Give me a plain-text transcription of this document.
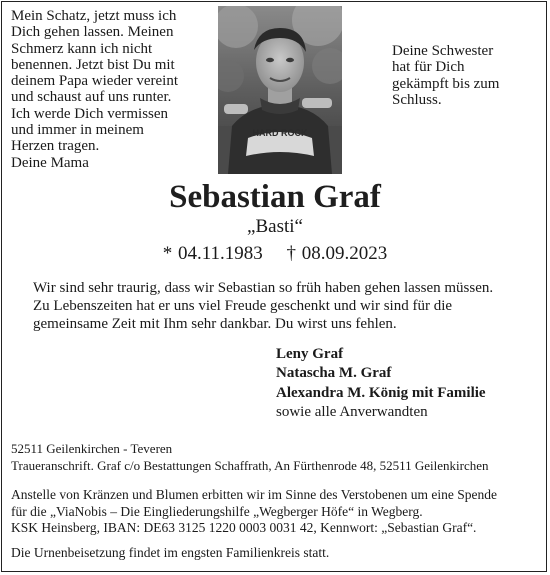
Mein Schatz, jetzt muss ich
Dich gehen lassen. Meinen
Schmerz kann ich nicht
benennen. Jetzt bist Du mit
deinem Papa wieder vereint
und schaust auf uns runter.
Ich werde Dich vermissen
und immer in meinem
Herzen tragen.
Deine Mama
HARD ROCK
Deine Schwester
hat für Dich
gekämpft bis zum
Schluss.
Sebastian Graf
„Basti“
* 04.11.1983 † 08.09.2023
Wir sind sehr traurig, dass wir Sebastian so früh haben gehen lassen müssen.
Zu Lebenszeiten hat er uns viel Freude geschenkt und wir sind für die
gemeinsame Zeit mit Ihm sehr dankbar. Du wirst uns fehlen.
Leny Graf
Natascha M. Graf
Alexandra M. König mit Familie
sowie alle Anverwandten
52511 Geilenkirchen - Teveren
Traueranschrift. Graf c/o Bestattungen Schaffrath, An Fürthenrode 48, 52511 Geilenkirchen
Anstelle von Kränzen und Blumen erbitten wir im Sinne des Verstobenen um eine Spende
für die „ViaNobis – Die Eingliederungshilfe „Wegberger Höfe“ in Wegberg.
KSK Heinsberg, IBAN: DE63 3125 1220 0003 0031 42, Kennwort: „Sebastian Graf“.
Die Urnenbeisetzung findet im engsten Familienkreis statt.
